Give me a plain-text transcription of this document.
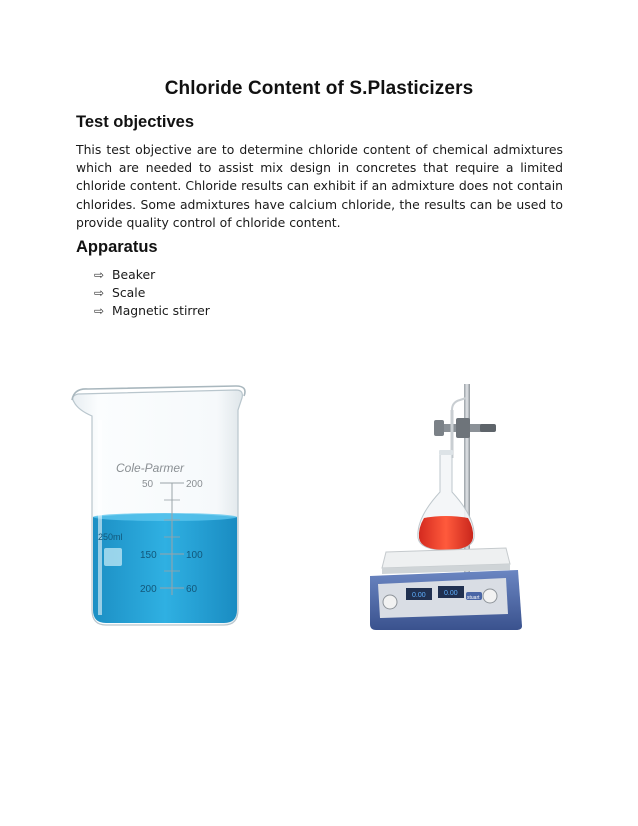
Chloride Content of S.Plasticizers
Test objectives
This test objective are to determine chloride content of chemical admixtures which are needed to assist mix design in concretes that require a limited chloride content. Chloride results can exhibit if an admixture does not contain chlorides. Some admixtures have calcium chloride, the results can be used to provide quality control of chloride content.
Apparatus
⇨ Beaker
⇨ Scale
⇨ Magnetic stirrer
Cole-Parmer
50
150
200
200
100
60
250ml
0.00	0.00
stuart
